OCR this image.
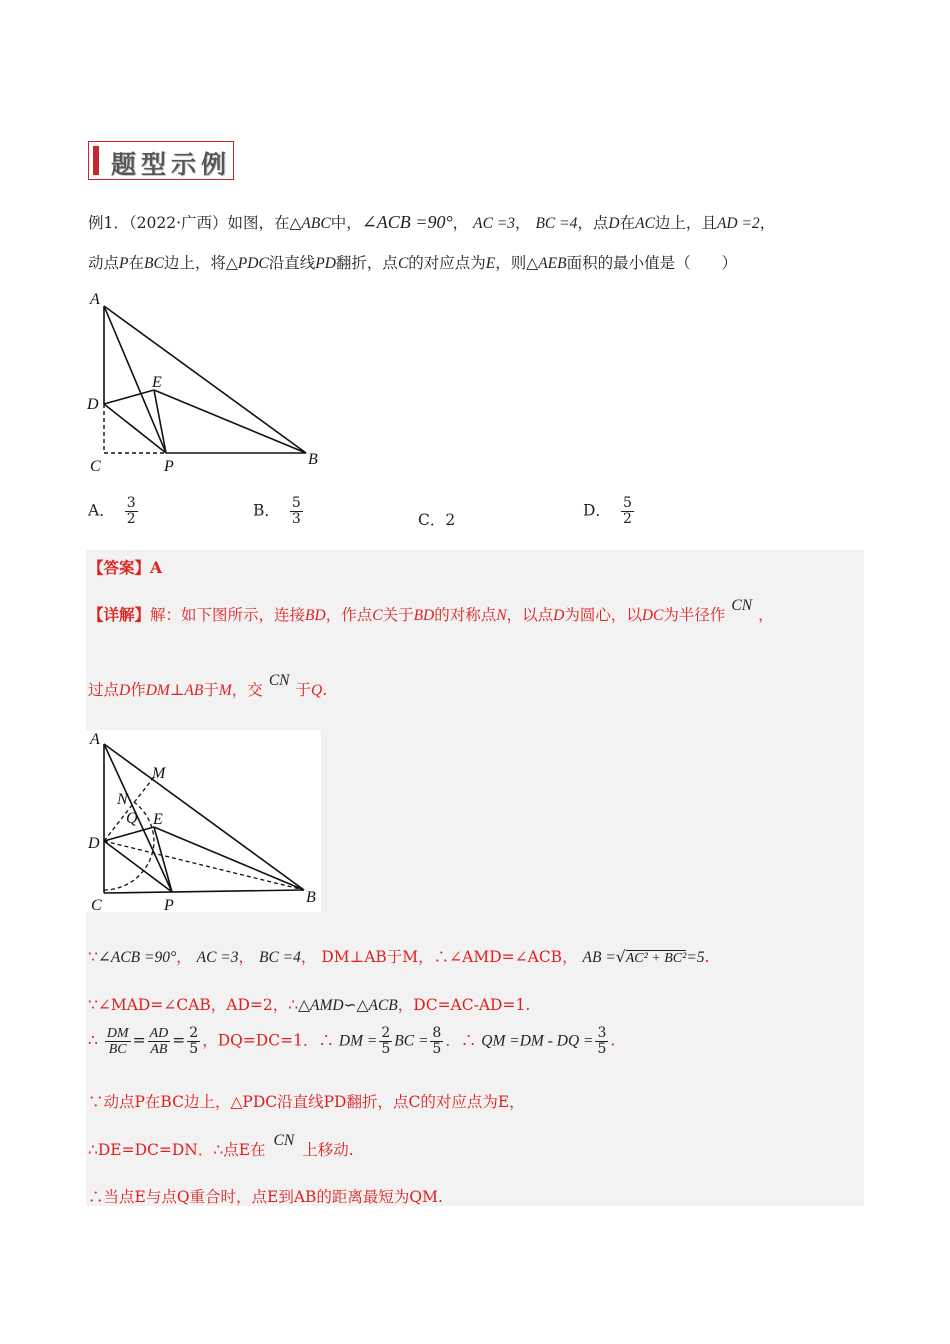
题型示例
例1．（2022·广西）如图，在△ABC中，∠ACB =90°， AC =3， BC =4，点D在AC边上，且AD =2，
动点P在BC边上，将△PDC沿直线PD翻折，点C的对应点为E，则△AEB面积的最小值是（　　）
A
E
D
C	P	B
A． $\frac{3}{2}$	B． $\frac{5}{3}$	C．2
D． $\frac{5}{2}$
【答案】A
【详解】解：如下图所示，连接BD，作点C关于BD的对称点N，以点D为圆心，以DC为半径作CN，
过点D作DM⊥AB于M，交CN于Q.
A
M
N
Q E
D
C	P	B
∵∠ACB =90°， AC =3， BC =4， DM⊥AB于M，∴∠AMD=∠ACB， AB =√AC² + BC²=5.
∵∠MAD=∠CAB，AD=2，∴△AMD∽△ACB，DC=AC-AD=1.
∴ $\frac{DM}{BC} = \frac{AD}{AB} = \frac{2}{5}$ ，DQ=DC=1．∴ DM = $\frac{2}{5}$ BC = $\frac{8}{5}$ ．∴ QM =DM - DQ = $\frac{3}{5}$ .
∵动点P在BC边上，△PDC沿直线PD翻折，点C的对应点为E，
∴DE=DC=DN．∴点E在CN上移动.
∴当点E与点Q重合时，点E到AB的距离最短为QM.
